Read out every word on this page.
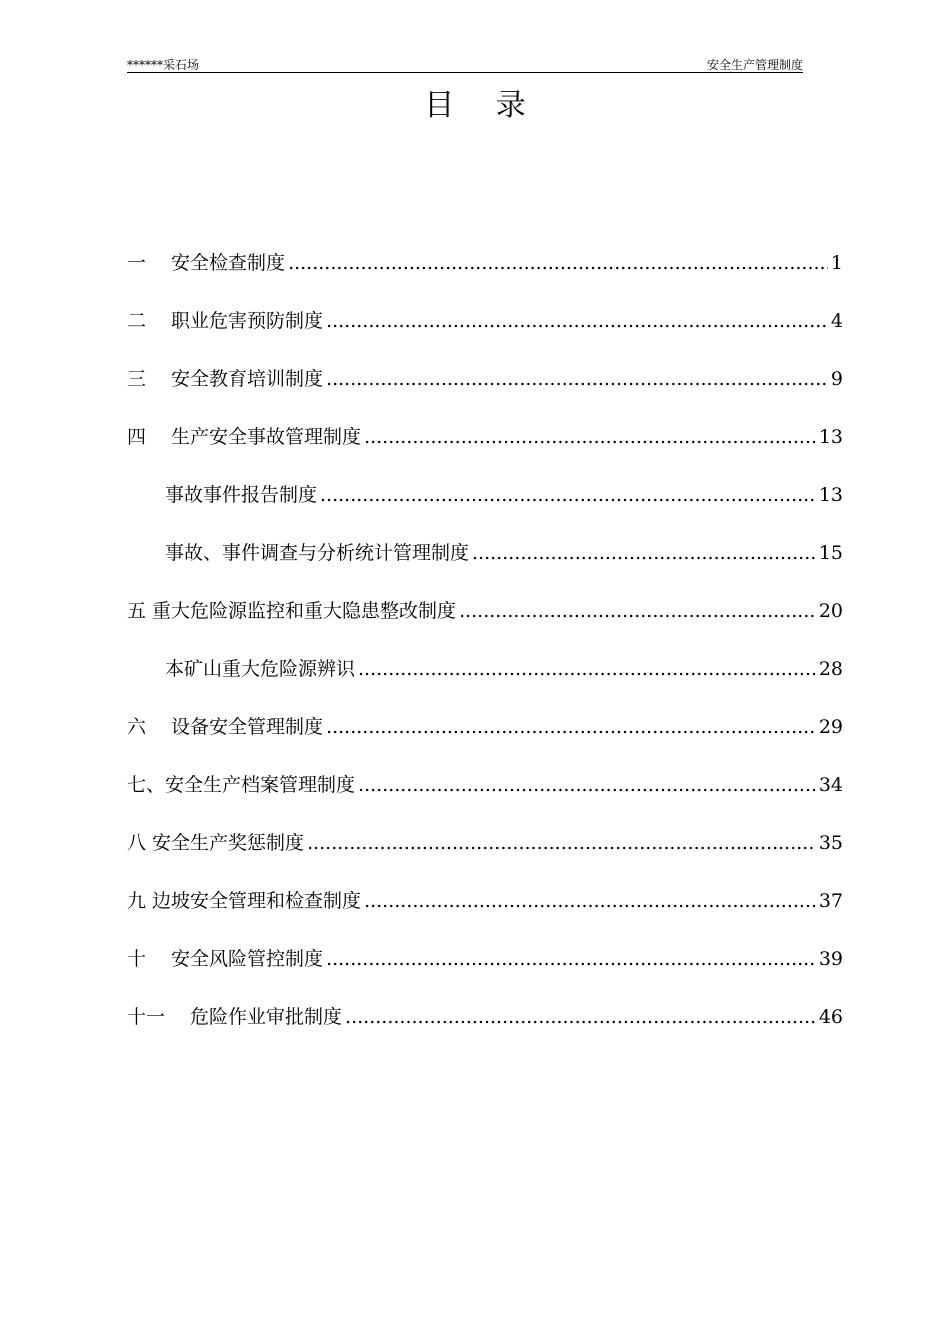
******采石场	安全生产管理制度
目 录
一　 安全检查制度 .....	1
二　 职业危害预防制度 .....	4
三　 安全教育培训制度 .....	9
四　 生产安全事故管理制度 .....	13
事故事件报告制度 .....	13
事故、事件调查与分析统计管理制度 .....	15
五 重大危险源监控和重大隐患整改制度 .....	20
本矿山重大危险源辨识 .....	28
六　 设备安全管理制度 .....	29
七、 安全生产档案管理制度 .....	34
八 安全生产奖惩制度 .....	35
九 边坡安全管理和检查制度 .....	37
十　 安全风险管控制度 .....	39
十一　 危险作业审批制度 .....	46
